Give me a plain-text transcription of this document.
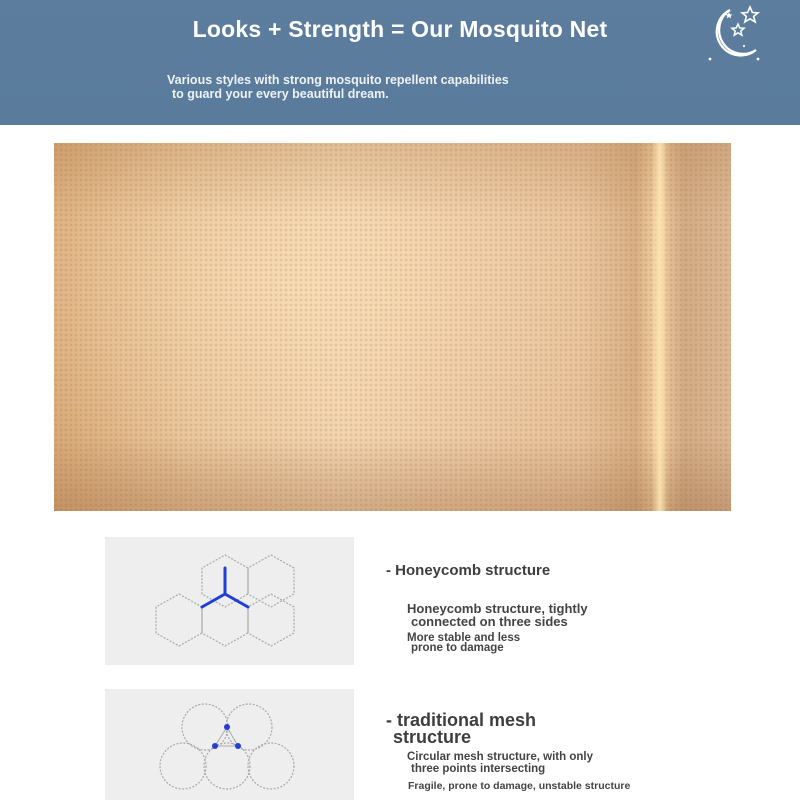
Looks + Strength = Our Mosquito Net
Various styles with strong mosquito repellent capabilities
to guard your every beautiful dream.
- Honeycomb structure
Honeycomb structure, tightly
connected on three sides
More stable and less
prone to damage
- traditional mesh
structure
Circular mesh structure, with only
three points intersecting
Fragile, prone to damage, unstable structure
